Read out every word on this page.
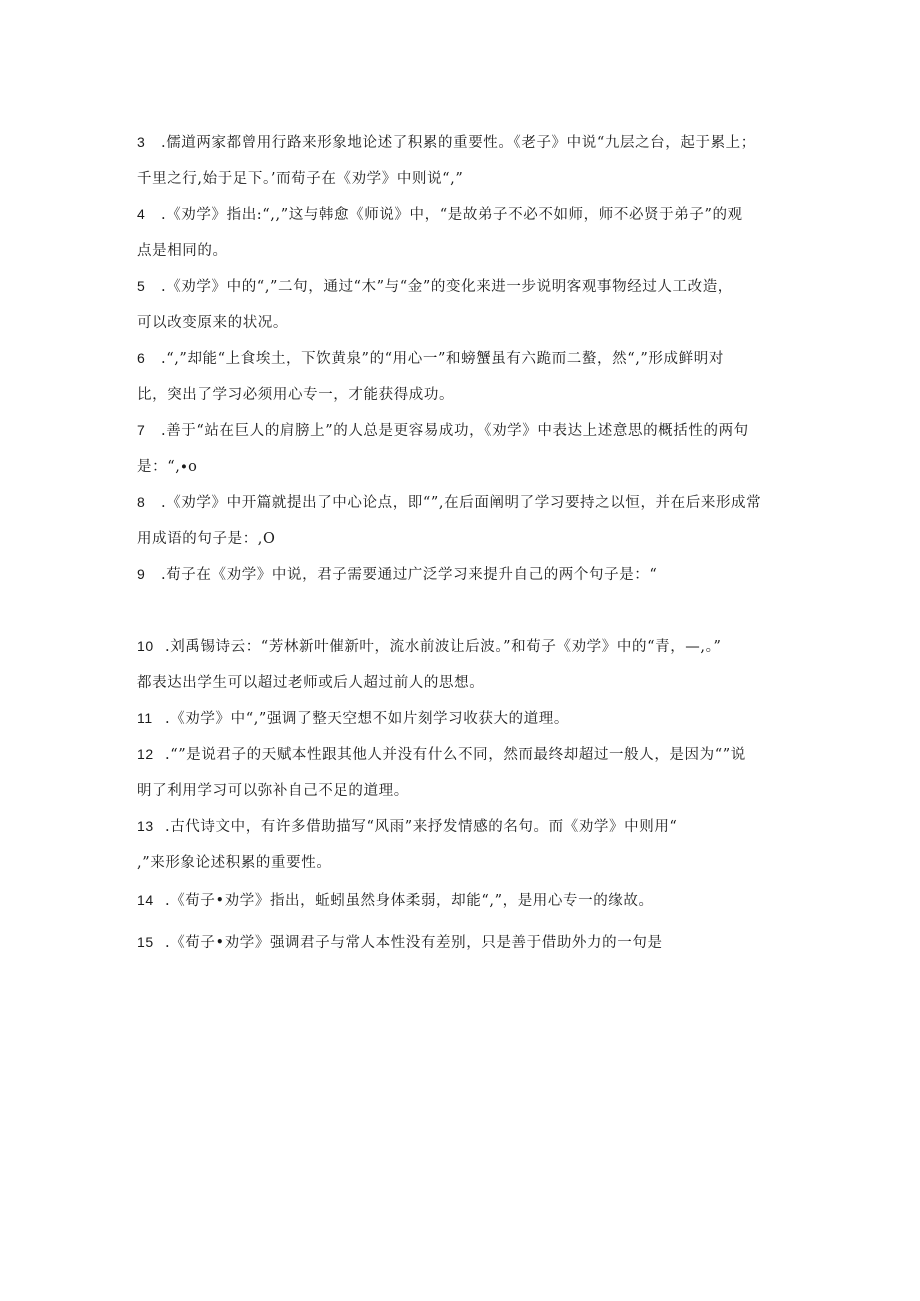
3 .儒道两家都曾用行路来形象地论述了积累的重要性。《老子》中说“九层之台，起于累上；
千里之行,始于足下。’而荀子在《劝学》中则说“,”
4 .《劝学》指出:“,,”这与韩愈《师说》中，“是故弟子不必不如师，师不必贤于弟子”的观
点是相同的。
5 .《劝学》中的“,”二句，通过“木”与“金”的变化来进一步说明客观事物经过人工改造，
可以改变原来的状况。
6 .“,”却能“上食埃土，下饮黄泉”的“用心一”和螃蟹虽有六跪而二螯，然“,”形成鲜明对
比，突出了学习必须用心专一，才能获得成功。
7 .善于“站在巨人的肩膀上”的人总是更容易成功，《劝学》中表达上述意思的概括性的两句
是：“,∙o
8 .《劝学》中开篇就提出了中心论点，即“”,在后面阐明了学习要持之以恒，并在后来形成常
用成语的句子是：,O
9 .荀子在《劝学》中说，君子需要通过广泛学习来提升自己的两个句子是：“
10 .刘禹锡诗云：“芳林新叶催新叶，流水前波让后波。”和荀子《劝学》中的“青，—,。”
都表达出学生可以超过老师或后人超过前人的思想。
11 .《劝学》中“,”强调了整天空想不如片刻学习收获大的道理。
12 .“”是说君子的天赋本性跟其他人并没有什么不同，然而最终却超过一般人，是因为“”说
明了利用学习可以弥补自己不足的道理。
13 .古代诗文中，有许多借助描写“风雨”来抒发情感的名句。而《劝学》中则用“
,”来形象论述积累的重要性。
14 .《荀子•劝学》指出，蚯蚓虽然身体柔弱，却能“,”，是用心专一的缘故。
15 .《荀子•劝学》强调君子与常人本性没有差别，只是善于借助外力的一句是
